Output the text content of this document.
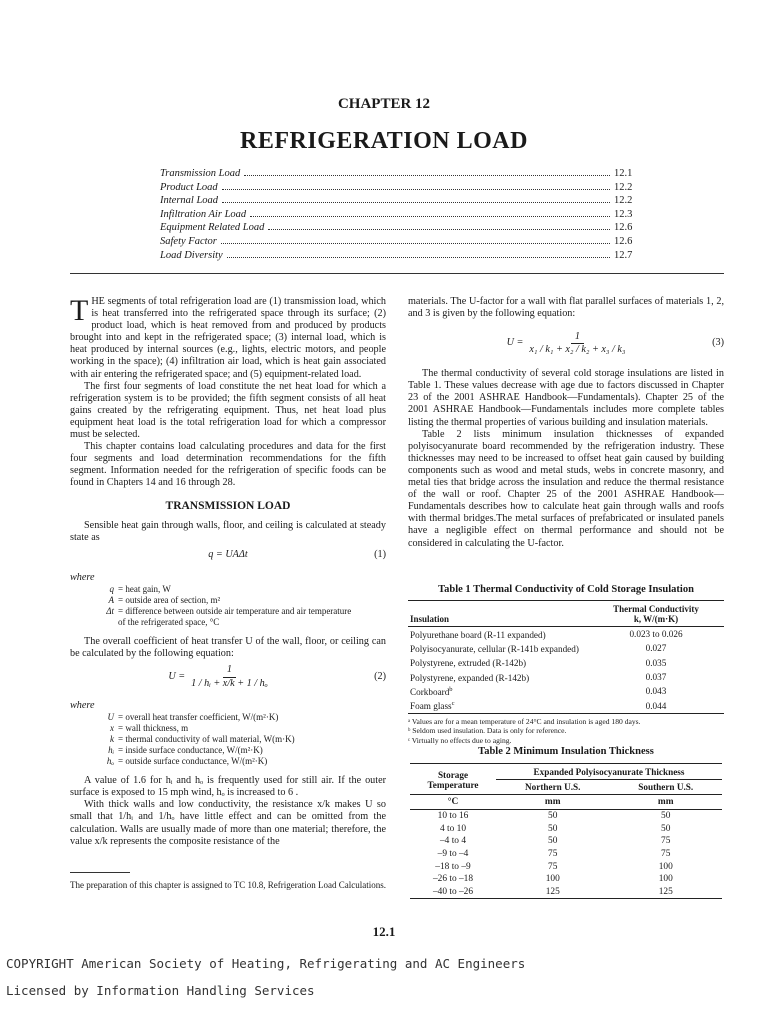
CHAPTER 12
REFRIGERATION LOAD
Transmission Load	12.1
Product Load	12.2
Internal Load	12.2
Infiltration Air Load	12.3
Equipment Related Load	12.6
Safety Factor	12.6
Load Diversity	12.7

THE segments of total refrigeration load are (1) transmission load, which is heat transferred into the refrigerated space through its surface; (2) product load, which is heat removed from and produced by products brought into and kept in the refrigerated space; (3) internal load, which is heat produced by internal sources (e.g., lights, electric motors, and people working in the space); (4) infiltration air load, which is heat gain associated with air entering the refrigerated space; and (5) equipment-related load.

The first four segments of load constitute the net heat load for which a refrigeration system is to be provided; the fifth segment consists of all heat gains created by the refrigerating equipment. Thus, net heat load plus equipment heat load is the total refrigeration load for which a compressor must be selected.

This chapter contains load calculating procedures and data for the first four segments and load determination recommendations for the fifth segment. Information needed for the refrigeration of specific foods can be found in Chapters 14 and 16 through 28.

TRANSMISSION LOAD

Sensible heat gain through walls, floor, and ceiling is calculated at steady state as

q = UAΔt	(1)
where
q = heat gain, W
A = outside area of section, m²
Δt = difference between outside air temperature and air temperature
of the refrigerated space, °C

The overall coefficient of heat transfer U of the wall, floor, or ceiling can be calculated by the following equation:

$U = \frac{1}{\text{1 / hᵢ + x/k + 1 / hₒ}}$	(2)
where
U = overall heat transfer coefficient, W/(m²·K)
x = wall thickness, m
k = thermal conductivity of wall material, W(m·K)
hᵢ = inside surface conductance, W/(m²·K)
hₒ = outside surface conductance, W/(m²·K)

A value of 1.6 for hᵢ and hₒ is frequently used for still air. If the outer surface is exposed to 15 mph wind, hₒ is increased to 6 .

With thick walls and low conductivity, the resistance x/k makes U so small that 1/hᵢ and 1/hₒ have little effect and can be omitted from the calculation. Walls are usually made of more than one material; therefore, the value x/k represents the composite resistance of the

The preparation of this chapter is assigned to TC 10.8, Refrigeration Load Calculations.

materials. The U-factor for a wall with flat parallel surfaces of materials 1, 2, and 3 is given by the following equation:

$U = \frac{1}{\text{x₁ / k₁ + x₂ / k₂ + x₃ / k₃}}$	(3)

The thermal conductivity of several cold storage insulations are listed in Table 1. These values decrease with age due to factors discussed in Chapter 23 of the 2001 ASHRAE Handbook—Fundamentals). Chapter 25 of the 2001 ASHRAE Handbook—Fundamentals includes more complete tables listing the thermal properties of various building and insulation materials.

Table 2 lists minimum insulation thicknesses of expanded polyisocyanurate board recommended by the refrigeration industry. These thicknesses may need to be increased to offset heat gain caused by building components such as wood and metal studs, webs in concrete masonry, and metal ties that bridge across the insulation and reduce the thermal resistance of the wall or roof. Chapter 25 of the 2001 ASHRAE Handbook—Fundamentals describes how to calculate heat gain through walls and roofs with thermal bridges.The metal surfaces of prefabricated or insulated panels have a negligible effect on thermal performance and should not be considered in calculating the U-factor.

Table 1 Thermal Conductivity of Cold Storage Insulation
Insulation	Thermal Conductivity
k, W/(m·K)

Polyurethane board (R-11 expanded)	0.023 to 0.026
Polyisocyanurate, cellular (R-141b expanded)	0.027
Polystyrene, extruded (R-142b)	0.035
Polystyrene, expanded (R-142b)	0.037
Corkboard$^b$	0.043
Foam glass$^c$	0.044
ᵃ Values are for a mean temperature of 24°C and insulation is aged 180 days.
ᵇ Seldom used insulation. Data is only for reference.
ᶜ Virtually no effects due to aging.
Table 2 Minimum Insulation Thickness
Storage
Temperature	Expanded Polyisocyanurate Thickness	
	Northern U.S.	Southern U.S.
°C	mm	mm
10 to 16	50	50
4 to 10	50	50
–4 to 4	50	75
–9 to –4	75	75
–18 to –9	75	100
–26 to –18	100	100
–40 to –26	125	125
12.1
COPYRIGHT American Society of Heating, Refrigerating and AC Engineers
Licensed by Information Handling Services
